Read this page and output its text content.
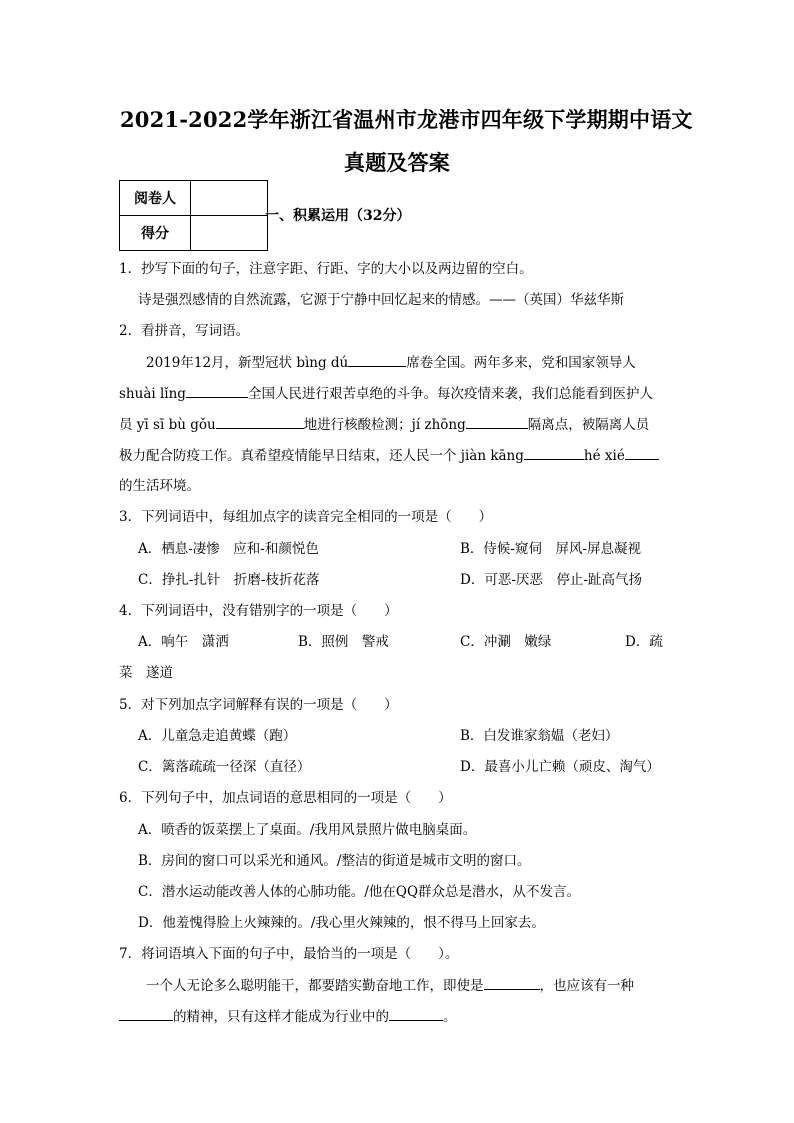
2021-2022学年浙江省温州市龙港市四年级下学期期中语文
真题及答案
阅卷人	
得分	
一、积累运用（32分）
1．抄写下面的句子，注意字距、行距、字的大小以及两边留的空白。
诗是强烈感情的自然流露，它源于宁静中回忆起来的情感。——（英国）华兹华斯
2．看拼音，写词语。
2019年12月，新型冠状 bìng dú	席卷全国。两年多来，党和国家领导人
shuài lǐng	全国人民进行艰苦卓绝的斗争。每次疫情来袭，我们总能看到医护人
员 yī sī bù gǒu	地进行核酸检测；jí zhōng	隔离点，被隔离人员
极力配合防疫工作。真希望疫情能早日结束，还人民一个 jiàn kāng	hé xié
的生活环境。
3．下列词语中，每组加点字的读音完全相同的一项是（　　）
A．栖息-凄惨　应和-和颜悦色	B．侍候-窥伺　屏风-屏息凝视
C．挣扎-扎针　折磨-枝折花落	D．可恶-厌恶　停止-趾高气扬
4．下列词语中，没有错别字的一项是（　　）
A．响午　潇洒	B．照例　警戒	C．冲涮　嫩绿	D．疏
菜　遂道
5．对下列加点字词解释有误的一项是（　　）
A．儿童急走追黄蝶（跑）	B．白发谁家翁媪（老妇）
C．篱落疏疏一径深（直径）	D．最喜小儿亡赖（顽皮、淘气）
6．下列句子中，加点词语的意思相同的一项是（　　）
A．喷香的饭菜摆上了桌面。/我用风景照片做电脑桌面。
B．房间的窗口可以采光和通风。/整洁的街道是城市文明的窗口。
C．潜水运动能改善人体的心肺功能。/他在QQ群众总是潜水，从不发言。
D．他羞愧得脸上火辣辣的。/我心里火辣辣的，恨不得马上回家去。
7．将词语填入下面的句子中，最恰当的一项是（　　）。
一个人无论多么聪明能干，都要踏实勤奋地工作，即使是	，也应该有一种
的精神，只有这样才能成为行业中的	。
